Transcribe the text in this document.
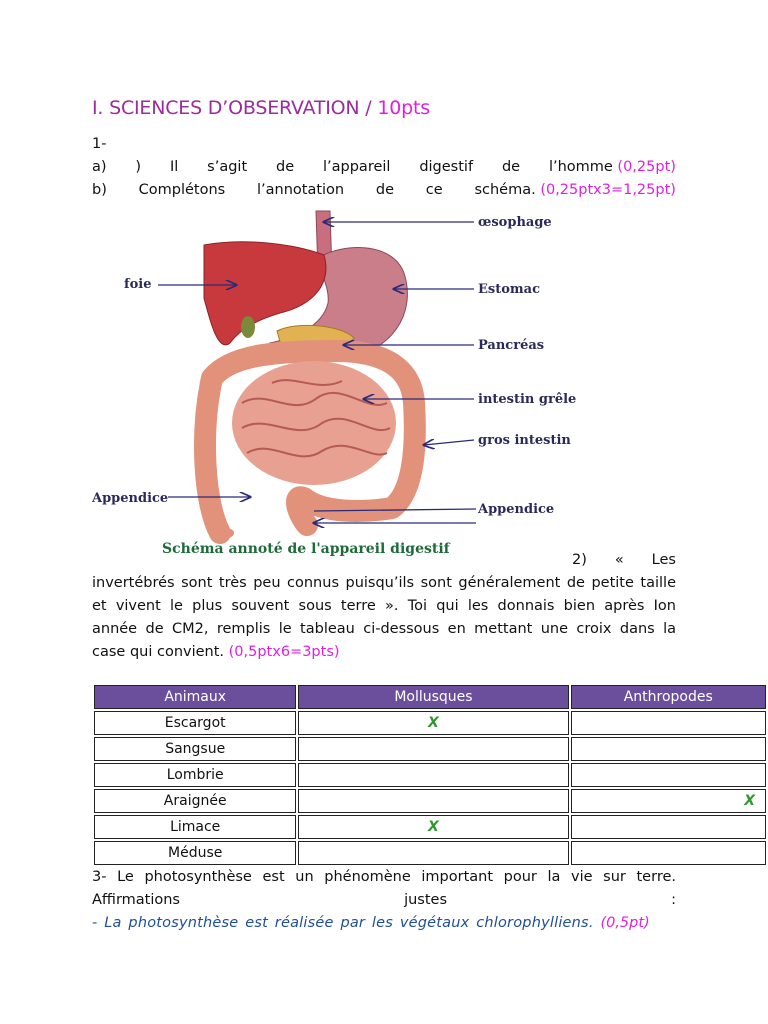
I. SCIENCES D’OBSERVATION / 10pts
1-
a) ) Il s’agit de l’appareil digestif de l’homme (0,25pt)
b) Complétons l’annotation de ce schéma. (0,25ptx3=1,25pt)
œsophage
foie	Estomac
Pancréas
intestin grêle
gros intestin
Appendice
Appendice
Schéma annoté de l'appareil digestif
2) « Les
invertébrés sont très peu connus puisqu’ils sont généralement de petite taille
et vivent le plus souvent sous terre ». Toi qui les donnais bien après Ion
année de CM2, remplis le tableau ci-dessous en mettant une croix dans la
case qui convient. (0,5ptx6=3pts)
Animaux	Mollusques	Anthropodes
Escargot	X	
Sangsue		
Lombrie		
Araignée		X
Limace	X	
Méduse		
3- Le photosynthèse est un phénomène important pour la vie sur terre.
Affirmations	justes	:
- La photosynthèse est réalisée par les végétaux chlorophylliens. (0,5pt)
